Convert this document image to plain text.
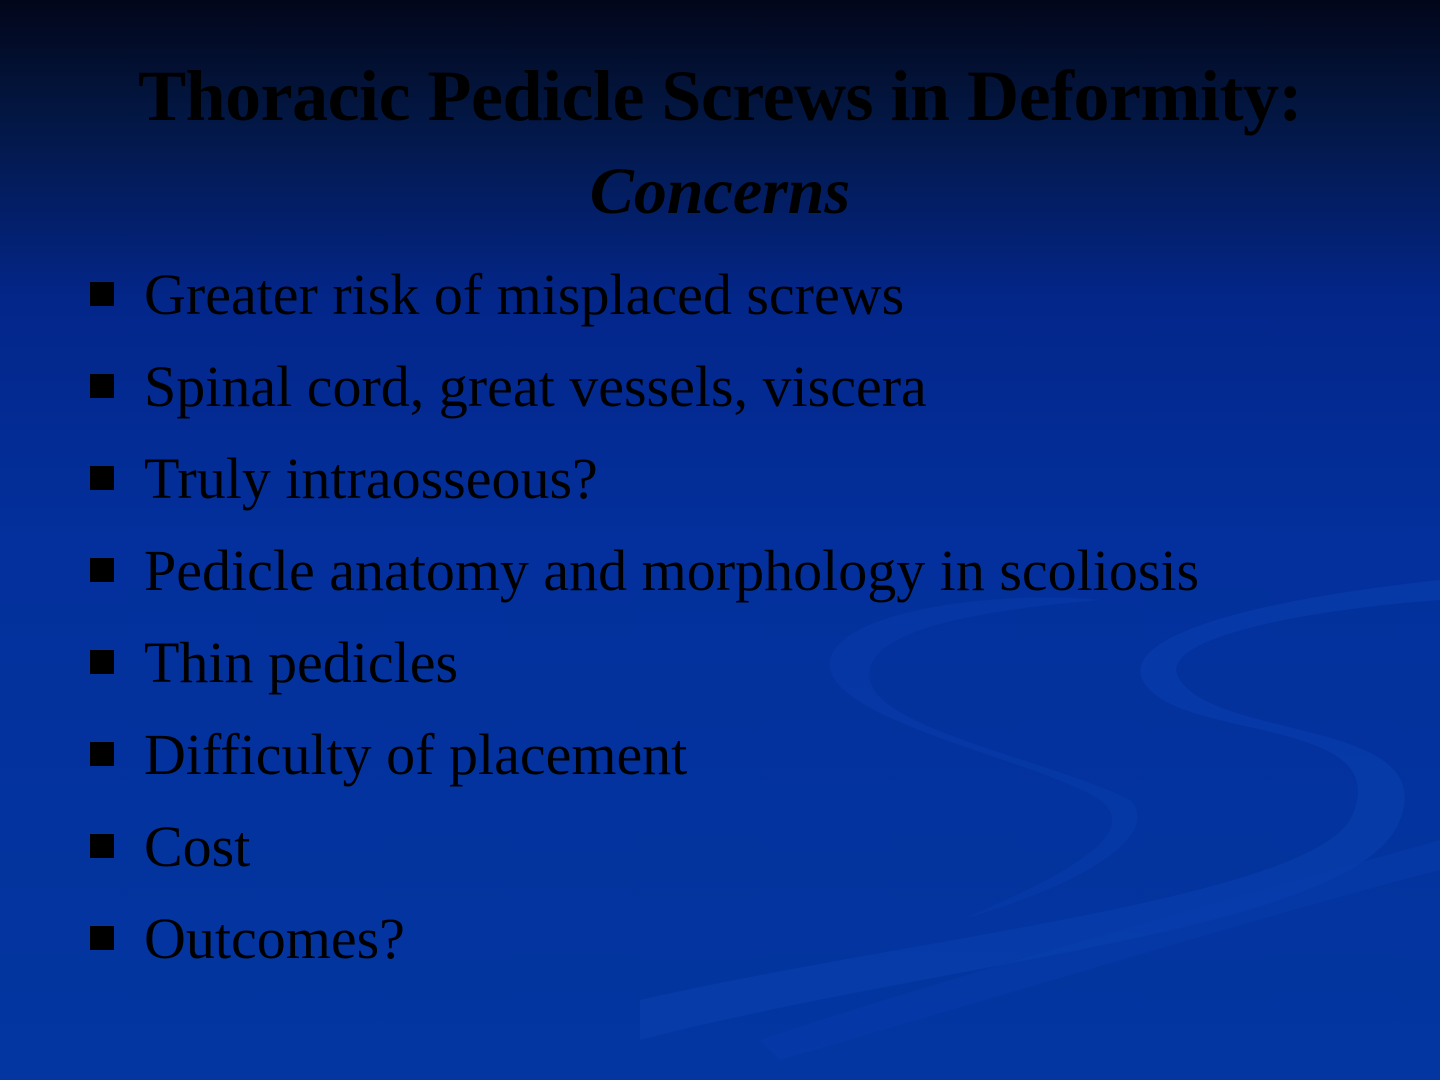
Thoracic Pedicle Screws in Deformity:
Concerns
Greater risk of misplaced screws
Spinal cord, great vessels, viscera
Truly intraosseous?
Pedicle anatomy and morphology in scoliosis
Thin pedicles
Difficulty of placement
Cost
Outcomes?
